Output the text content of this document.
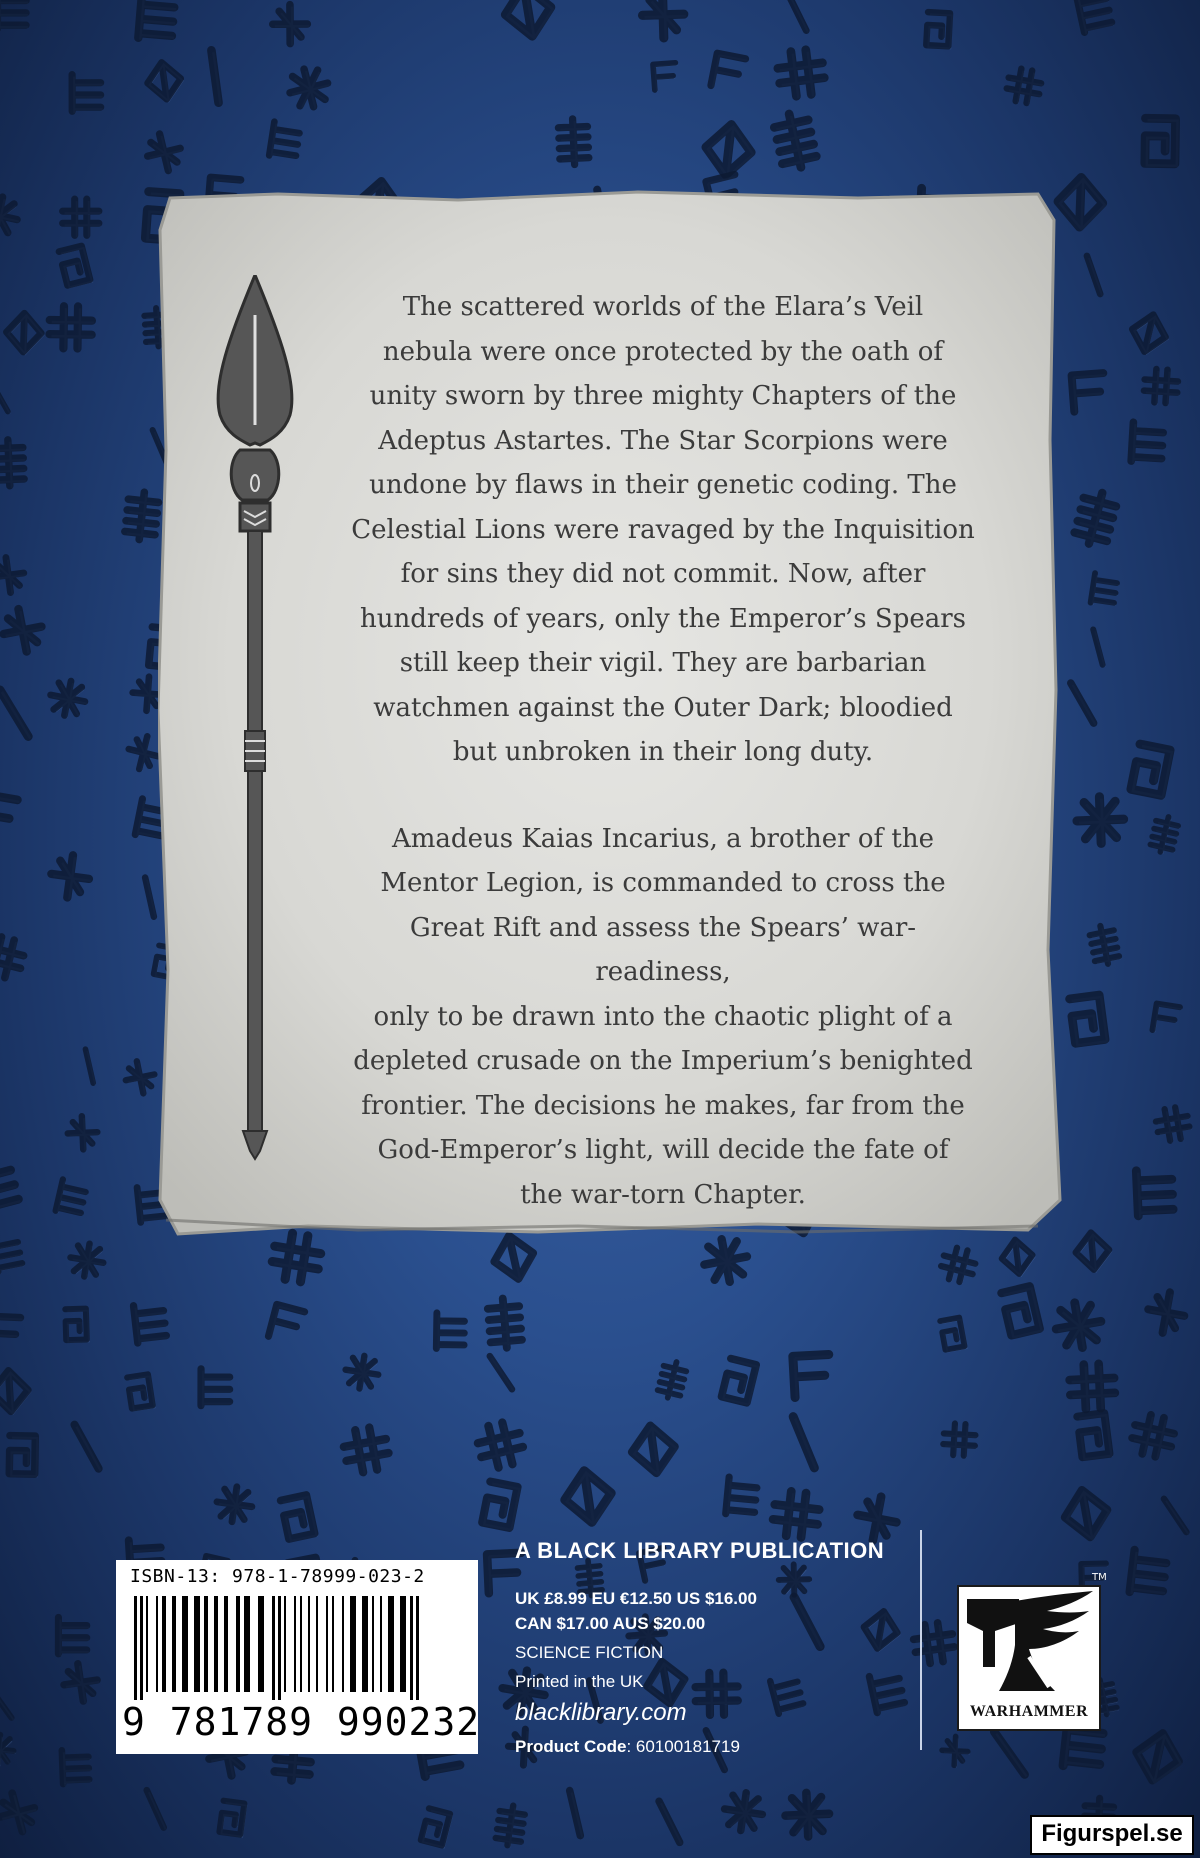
The scattered worlds of the Elara’s Veil
nebula were once protected by the oath of
unity sworn by three mighty Chapters of the
Adeptus Astartes. The Star Scorpions were
undone by flaws in their genetic coding. The
Celestial Lions were ravaged by the Inquisition
for sins they did not commit. Now, after
hundreds of years, only the Emperor’s Spears
still keep their vigil. They are barbarian
watchmen against the Outer Dark; bloodied
but unbroken in their long duty.

Amadeus Kaias Incarius, a brother of the
Mentor Legion, is commanded to cross the
Great Rift and assess the Spears’ war-readiness,
only to be drawn into the chaotic plight of a
depleted crusade on the Imperium’s benighted
frontier. The decisions he makes, far from the
God-Emperor’s light, will decide the fate of
the war-torn Chapter.

ISBN-13: 978-1-78999-023-2
9 781789 990232
A BLACK LIBRARY PUBLICATION
UK £8.99 EU €12.50 US $16.00
CAN $17.00 AUS $20.00
SCIENCE FICTION
Printed in the UK
blacklibrary.com
Product Code: 60100181719
TM
WARHAMMER
Figurspel.se
